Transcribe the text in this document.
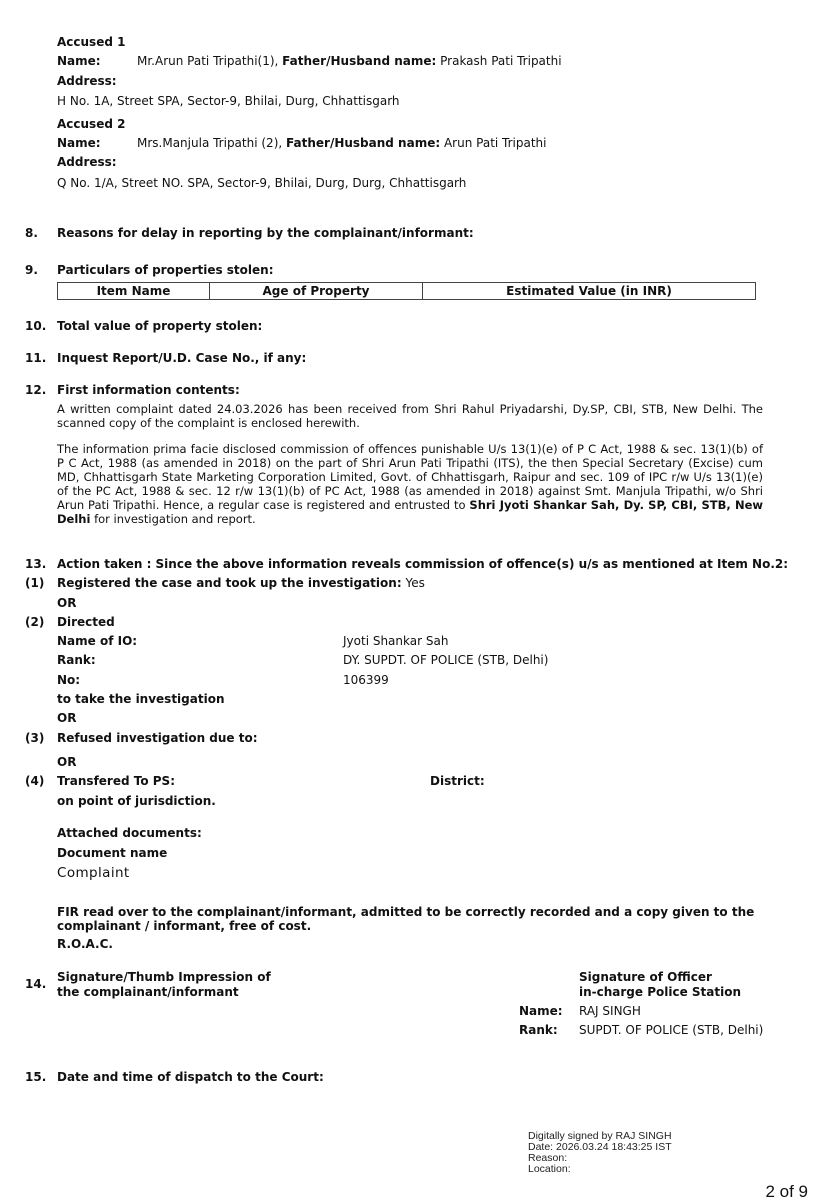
Accused 1
Name:	Mr.Arun Pati Tripathi(1), Father/Husband name: Prakash Pati Tripathi
Address:
H No. 1A, Street SPA, Sector-9, Bhilai, Durg, Chhattisgarh
Accused 2
Name:	Mrs.Manjula Tripathi (2), Father/Husband name: Arun Pati Tripathi
Address:
Q No. 1/A, Street NO. SPA, Sector-9, Bhilai, Durg, Durg, Chhattisgarh
8. Reasons for delay in reporting by the complainant/informant:
9. Particulars of properties stolen:
Item Name	Age of Property	Estimated Value (in INR)
10. Total value of property stolen:
11. Inquest Report/U.D. Case No., if any:
12. First information contents:
A written complaint dated 24.03.2026 has been received from Shri Rahul Priyadarshi, Dy.SP, CBI, STB, New Delhi. The scanned copy of the complaint is enclosed herewith.
The information prima facie disclosed commission of offences punishable U/s 13(1)(e) of P C Act, 1988 & sec. 13(1)(b) of P C Act, 1988 (as amended in 2018) on the part of Shri Arun Pati Tripathi (ITS), the then Special Secretary (Excise) cum MD, Chhattisgarh State Marketing Corporation Limited, Govt. of Chhattisgarh, Raipur and sec. 109 of IPC r/w U/s 13(1)(e) of the PC Act, 1988 & sec. 12 r/w 13(1)(b) of PC Act, 1988 (as amended in 2018) against Smt. Manjula Tripathi, w/o Shri Arun Pati Tripathi. Hence, a regular case is registered and entrusted to Shri Jyoti Shankar Sah, Dy. SP, CBI, STB, New Delhi for investigation and report.
13. Action taken : Since the above information reveals commission of offence(s) u/s as mentioned at Item No.2:
(1) Registered the case and took up the investigation: Yes
OR
(2) Directed
Name of IO:	Jyoti Shankar Sah
Rank:	DY. SUPDT. OF POLICE (STB, Delhi)
No:	106399
to take the investigation
OR
(3) Refused investigation due to:
OR
(4) Transfered To PS:	District:
on point of jurisdiction.
Attached documents:
Document name
Complaint
FIR read over to the complainant/informant, admitted to be correctly recorded and a copy given to the complainant / informant, free of cost.
R.O.A.C.
14. Signature/Thumb Impression of
the complainant/informant
Signature of Officer
in-charge Police Station
Name: RAJ SINGH
Rank: SUPDT. OF POLICE (STB, Delhi)
15. Date and time of dispatch to the Court:
Digitally signed by RAJ SINGH
Date: 2026.03.24 18:43:25 IST
Reason:
Location:
2 of 9
